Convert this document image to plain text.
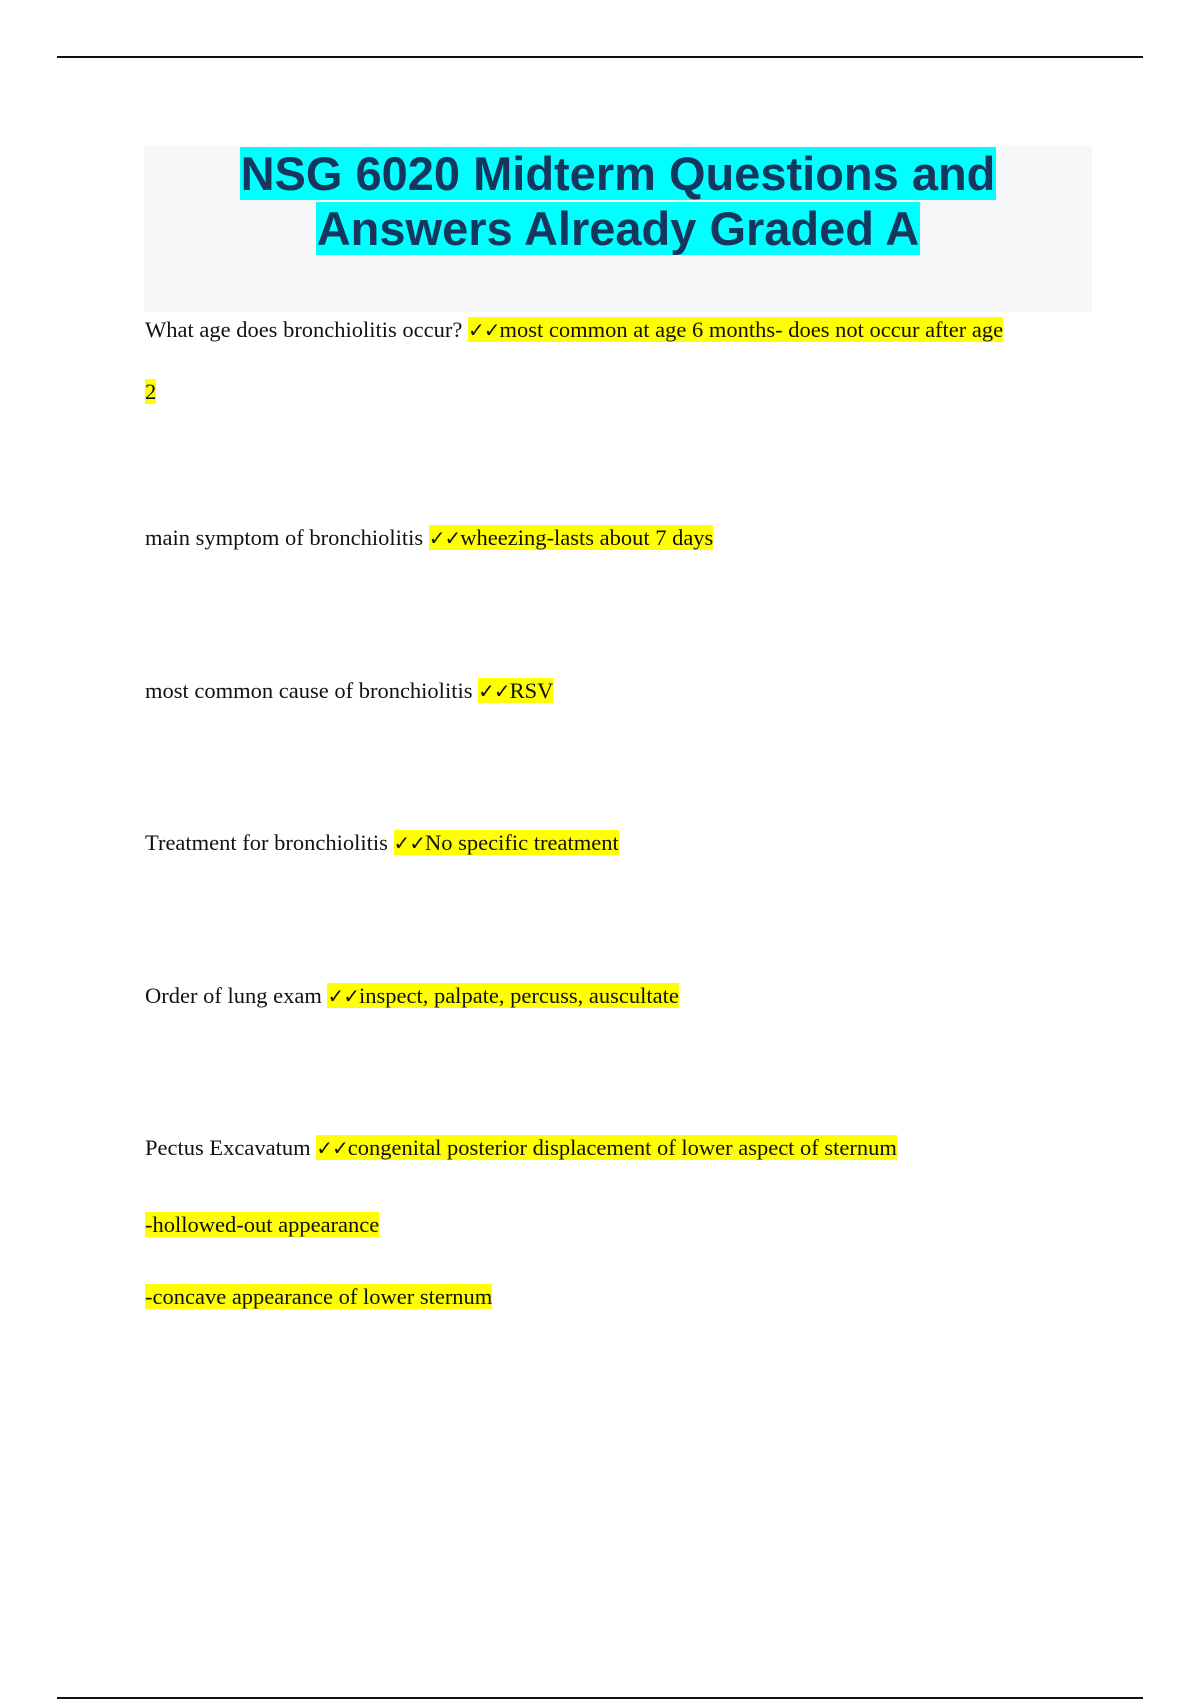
NSG 6020 Midterm Questions and
Answers Already Graded A

What age does bronchiolitis occur? ✓✓most common at age 6 months- does not occur after age

2

main symptom of bronchiolitis ✓✓wheezing-lasts about 7 days

most common cause of bronchiolitis ✓✓RSV

Treatment for bronchiolitis ✓✓No specific treatment

Order of lung exam ✓✓inspect, palpate, percuss, auscultate

Pectus Excavatum ✓✓congenital posterior displacement of lower aspect of sternum

-hollowed-out appearance

-concave appearance of lower sternum
